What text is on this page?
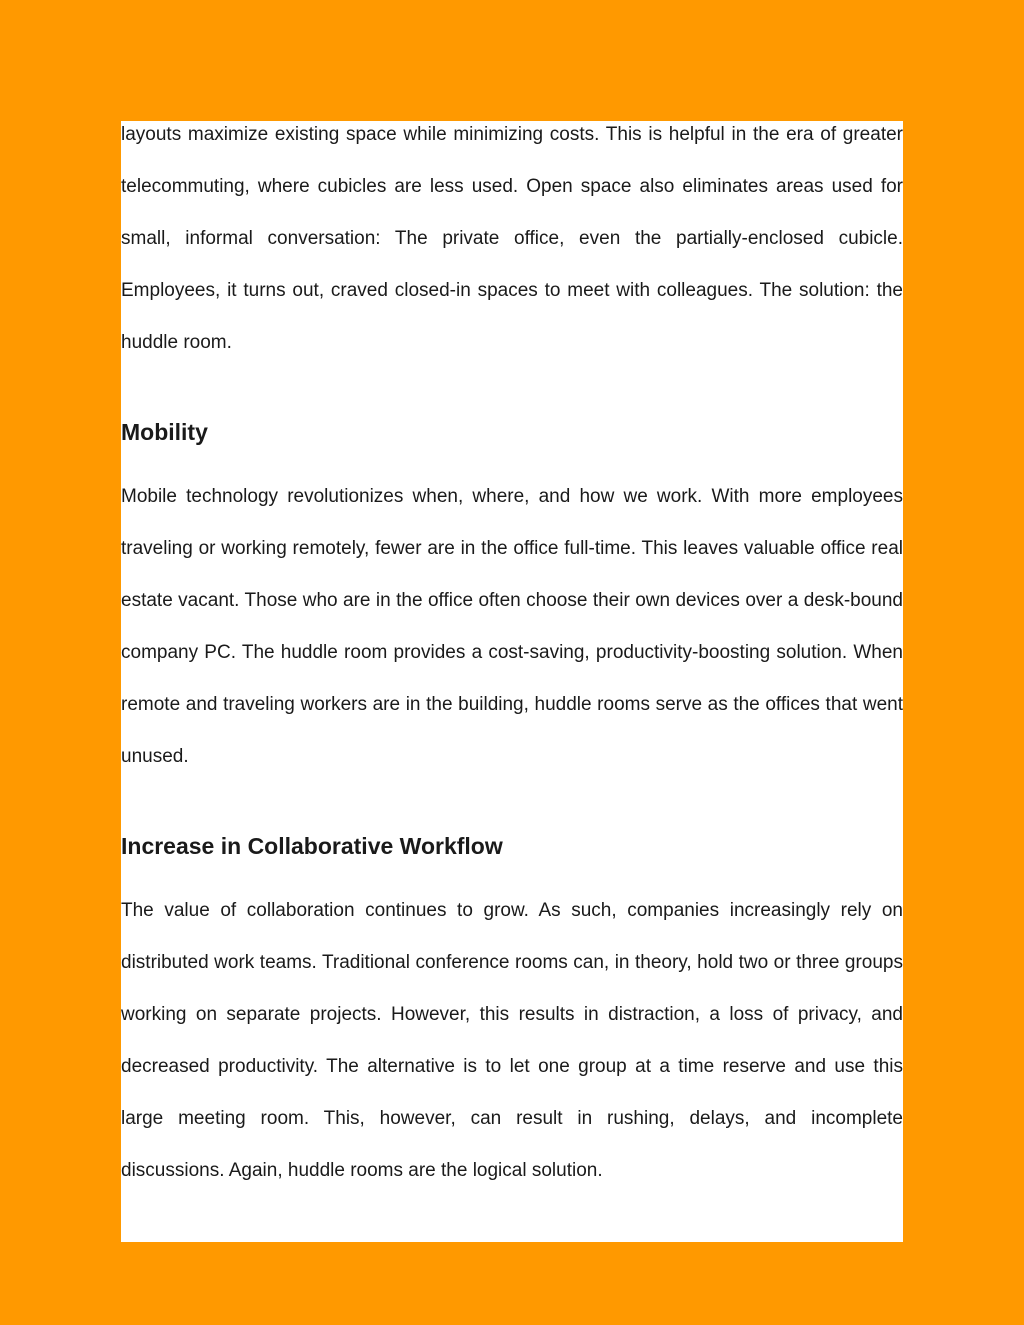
layouts maximize existing space while minimizing costs. This is helpful in the era of greater telecommuting, where cubicles are less used. Open space also eliminates areas used for small, informal conversation: The private office, even the partially-enclosed cubicle. Employees, it turns out, craved closed-in spaces to meet with colleagues. The solution: the huddle room.

Mobility

Mobile technology revolutionizes when, where, and how we work. With more employees traveling or working remotely, fewer are in the office full-time. This leaves valuable office real estate vacant. Those who are in the office often choose their own devices over a desk-bound company PC. The huddle room provides a cost-saving, productivity-boosting solution. When remote and traveling workers are in the building, huddle rooms serve as the offices that went unused.

Increase in Collaborative Workflow

The value of collaboration continues to grow. As such, companies increasingly rely on distributed work teams. Traditional conference rooms can, in theory, hold two or three groups working on separate projects. However, this results in distraction, a loss of privacy, and decreased productivity. The alternative is to let one group at a time reserve and use this large meeting room. This, however, can result in rushing, delays, and incomplete discussions. Again, huddle rooms are the logical solution.
